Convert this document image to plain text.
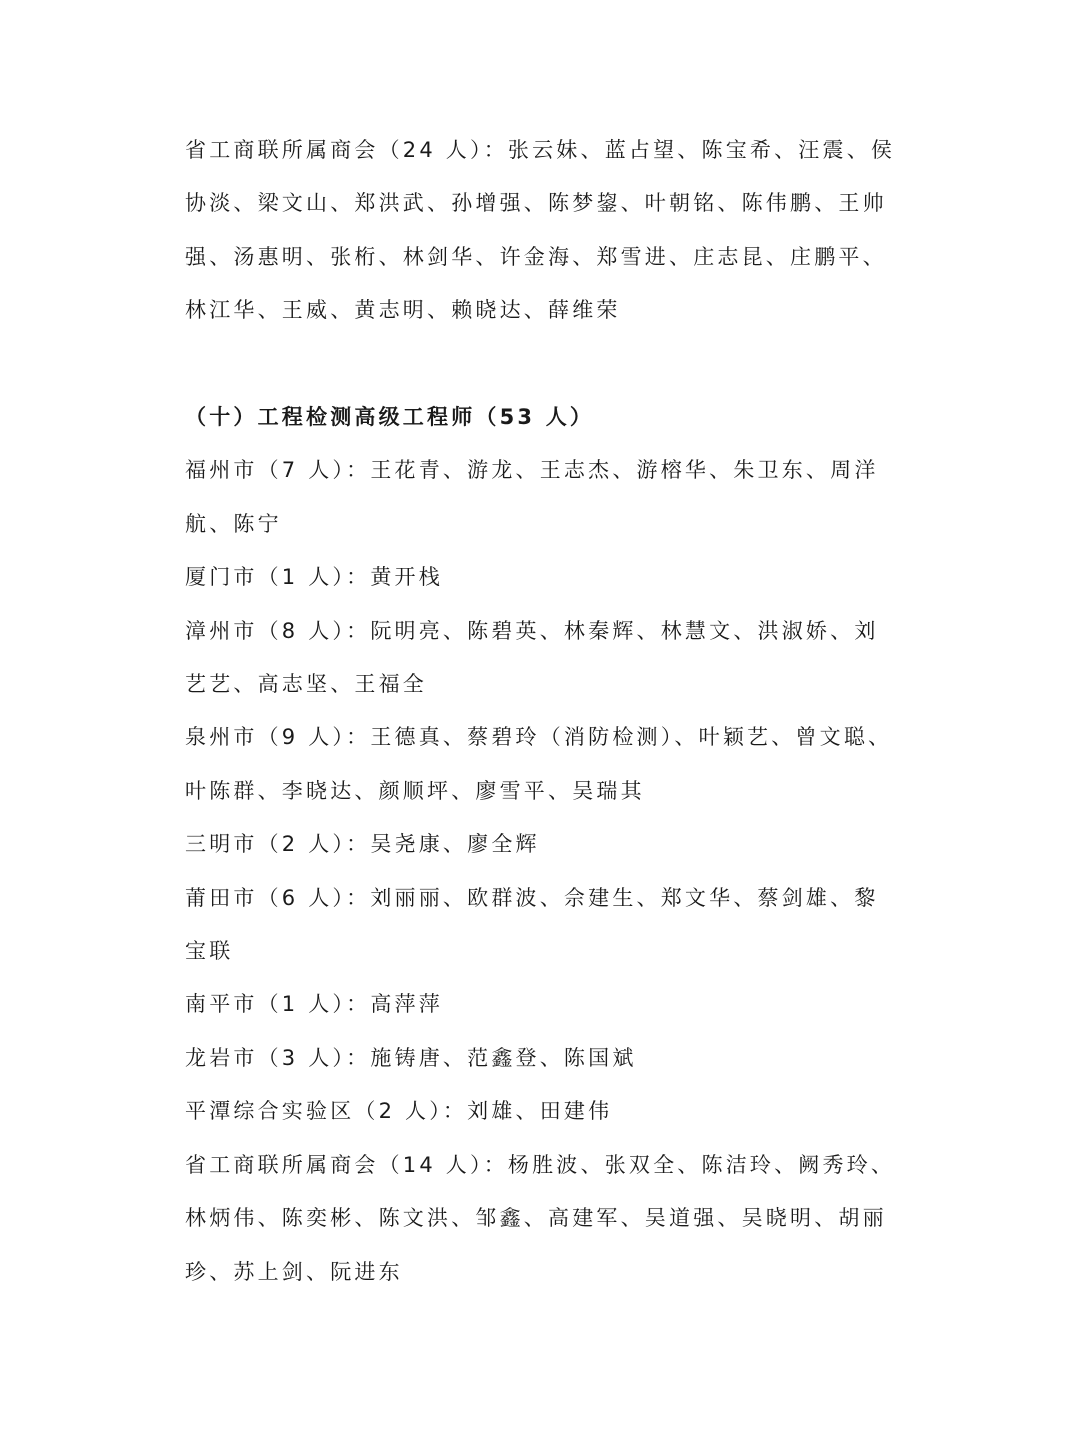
省工商联所属商会（24 人）：张云妹、蓝占望、陈宝希、汪震、侯协淡、梁文山、郑洪武、孙增强、陈梦鋆、叶朝铭、陈伟鹏、王帅强、汤惠明、张桁、林剑华、许金海、郑雪进、庄志昆、庄鹏平、林江华、王威、黄志明、赖晓达、薛维荣

（十）工程检测高级工程师（53 人）

福州市（7 人）：王花青、游龙、王志杰、游榕华、朱卫东、周洋航、陈宁

厦门市（1 人）：黄开栈

漳州市（8 人）：阮明亮、陈碧英、林秦辉、林慧文、洪淑娇、刘艺艺、高志坚、王福全

泉州市（9 人）：王德真、蔡碧玲（消防检测）、叶颖艺、曾文聪、叶陈群、李晓达、颜顺坪、廖雪平、吴瑞其

三明市（2 人）：吴尧康、廖全辉

莆田市（6 人）：刘丽丽、欧群波、佘建生、郑文华、蔡剑雄、黎宝联

南平市（1 人）：高萍萍

龙岩市（3 人）：施铸唐、范鑫登、陈国斌

平潭综合实验区（2 人）：刘雄、田建伟

省工商联所属商会（14 人）：杨胜波、张双全、陈洁玲、阙秀玲、林炳伟、陈奕彬、陈文洪、邹鑫、高建军、吴道强、吴晓明、胡丽珍、苏上剑、阮进东
